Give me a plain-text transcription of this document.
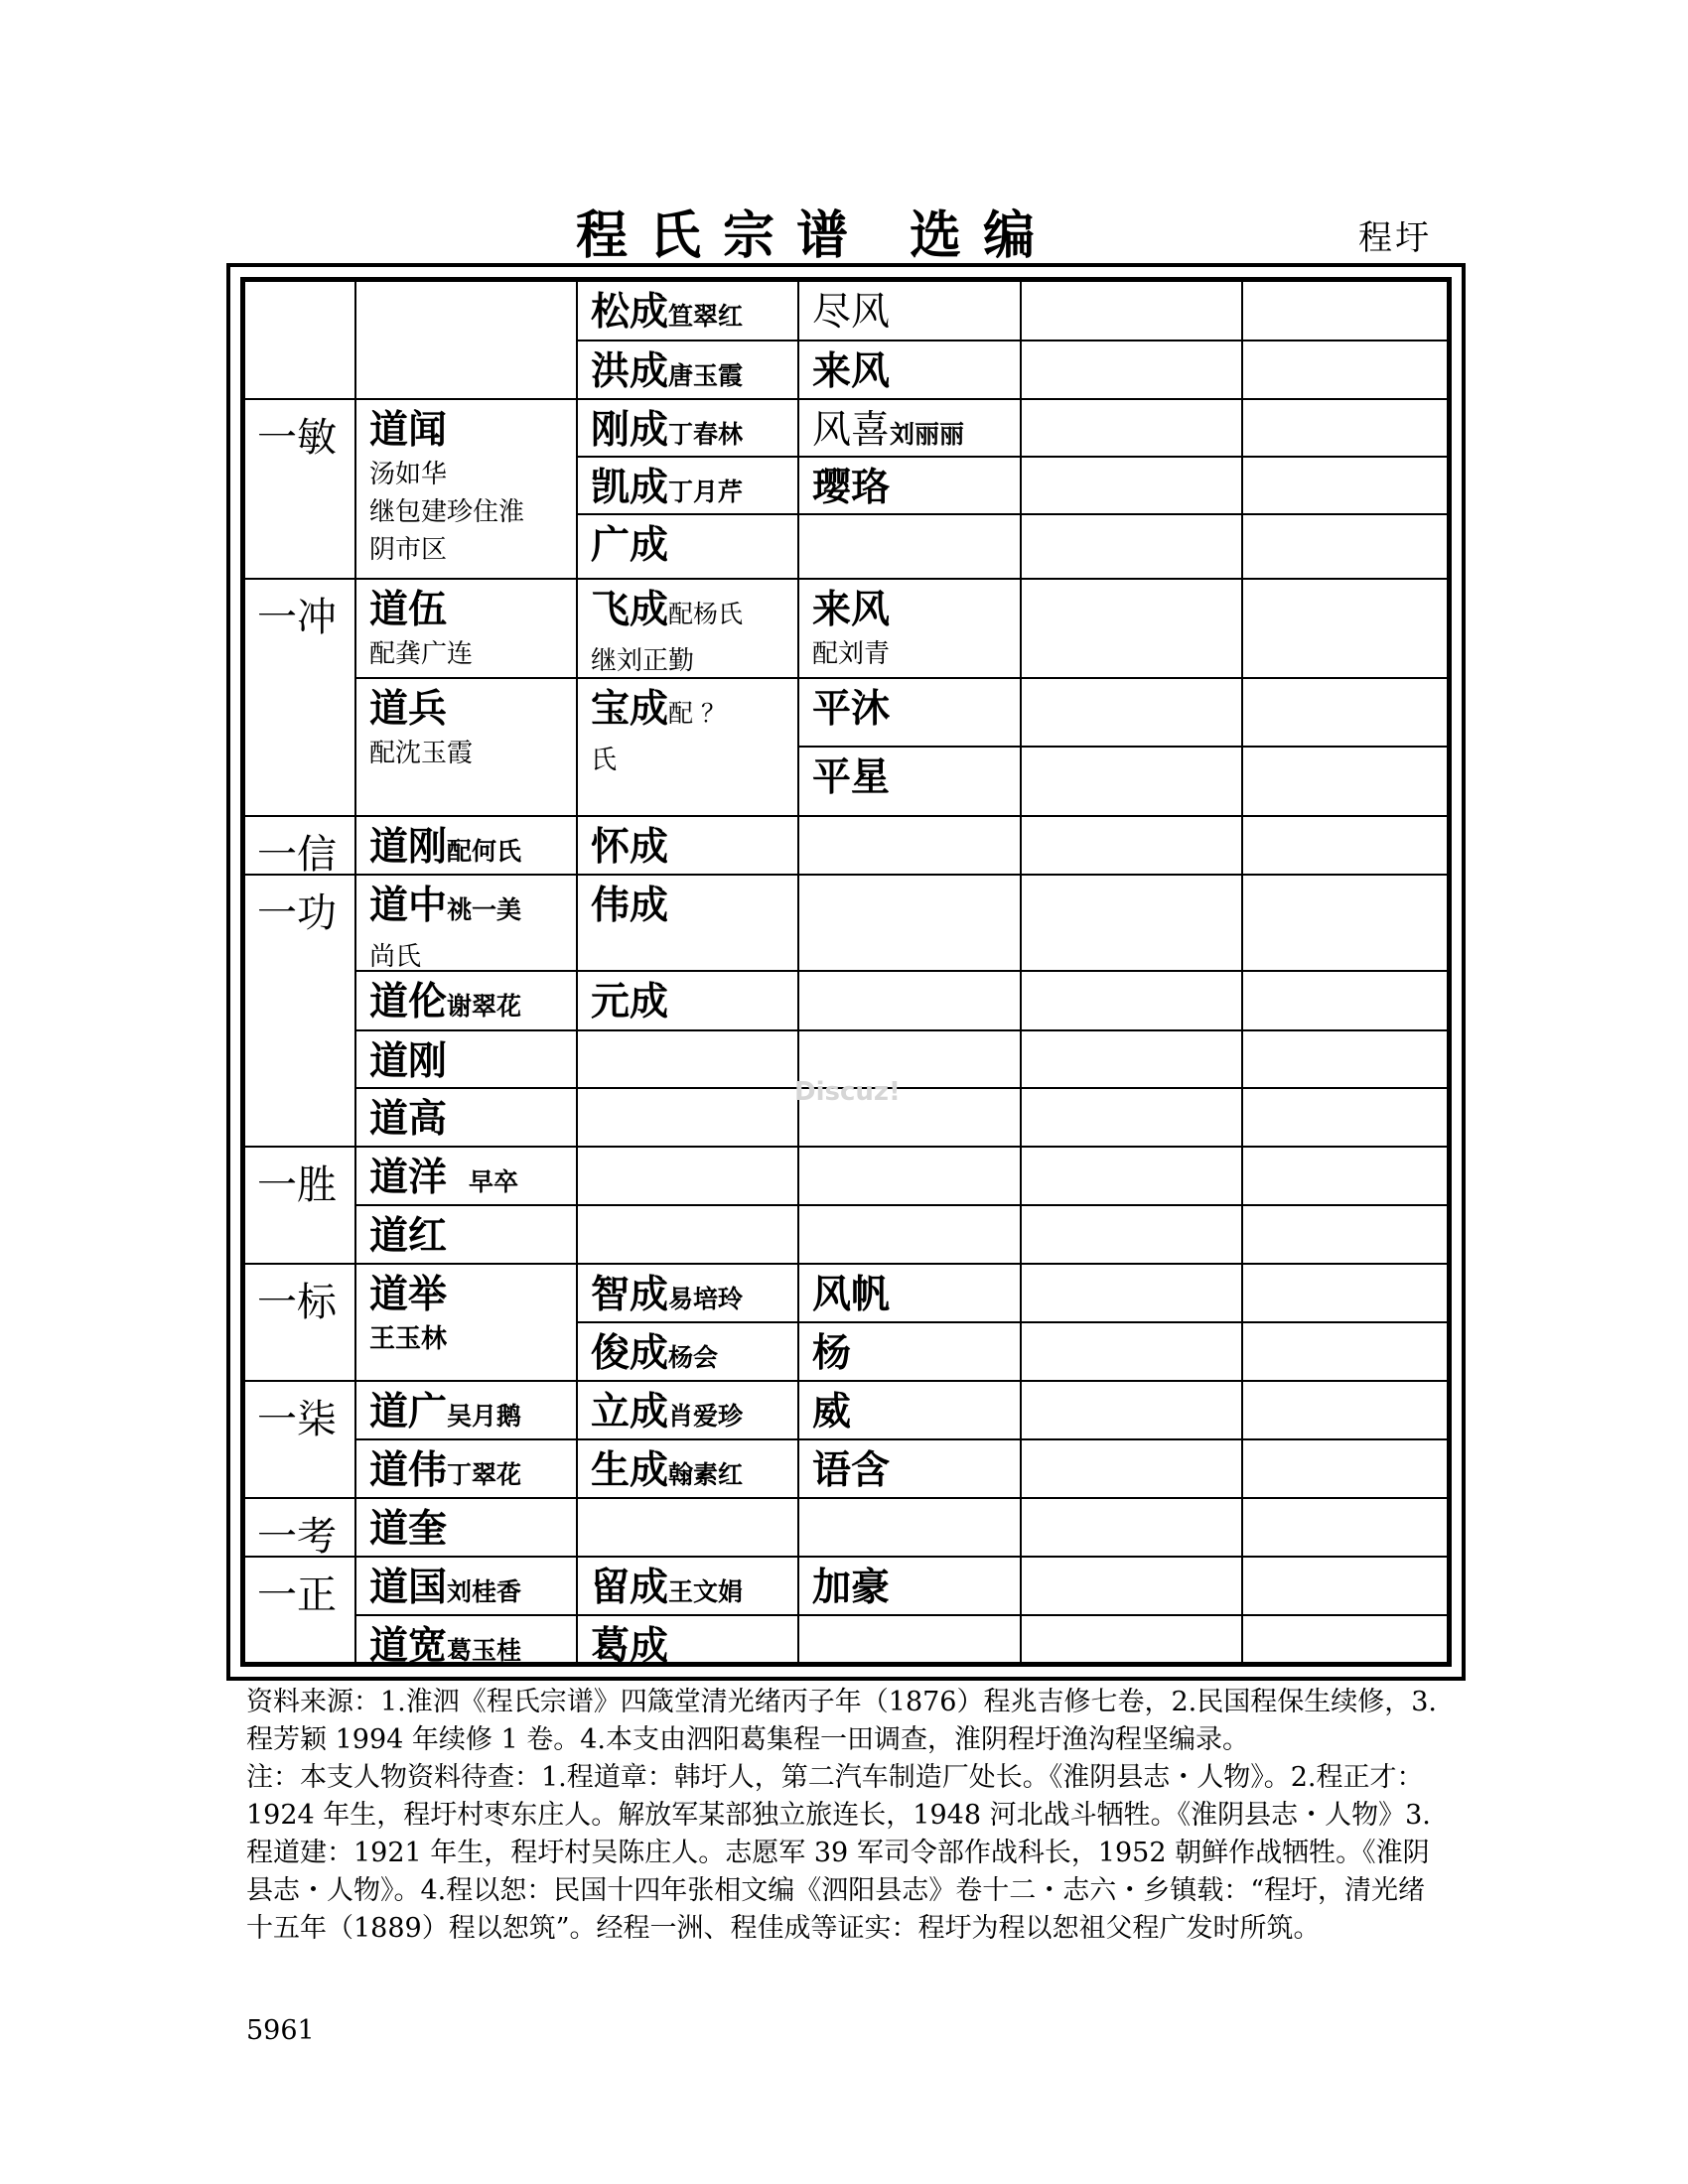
程氏宗谱 选编	程圩
一敏
一冲
一信
一功
一胜
一标
一柒
一考
一正
道闻
汤如华
继包建珍住淮
阴市区
道伍
配龚广连
道兵
配沈玉霞
道刚配何氏
道中祧一美
尚氏
道伦谢翠花
道刚
道高
道洋 早卒
道红
道举
王玉林
道广吴月鹅
道伟丁翠花
道奎
道国刘桂香
道宽葛玉桂
松成笪翠红
洪成唐玉霞
刚成丁春林
凯成丁月芹
广成
飞成配杨氏
继刘正勤
宝成配 ？
氏
怀成
伟成
元成
智成易培玲
俊成杨会
立成肖爱珍
生成翰素红
留成王文娟
葛成
尽风
来风
风喜刘丽丽
璎珞
来风
配刘青
平沐
平星
风帆
杨
威
语含
加豪
Discuz!
资料来源：1.淮泗《程氏宗谱》四箴堂清光绪丙子年（1876）程兆吉修七卷，2.民国程保生续修，3.程芳颖 1994 年续修 1 卷。4.本支由泗阳葛集程一田调查，淮阴程圩渔沟程坚编录。
注：本支人物资料待查：1.程道章：韩圩人，第二汽车制造厂处长。《淮阴县志・人物》。2.程正才：1924 年生，程圩村枣东庄人。解放军某部独立旅连长，1948 河北战斗牺牲。《淮阴县志・人物》3.程道建：1921 年生，程圩村吴陈庄人。志愿军 39 军司令部作战科长，1952 朝鲜作战牺牲。《淮阴县志・人物》。4.程以恕：民国十四年张相文编《泗阳县志》卷十二・志六・乡镇载：“程圩，清光绪十五年（1889）程以恕筑”。经程一洲、程佳成等证实：程圩为程以恕祖父程广发时所筑。
5961
